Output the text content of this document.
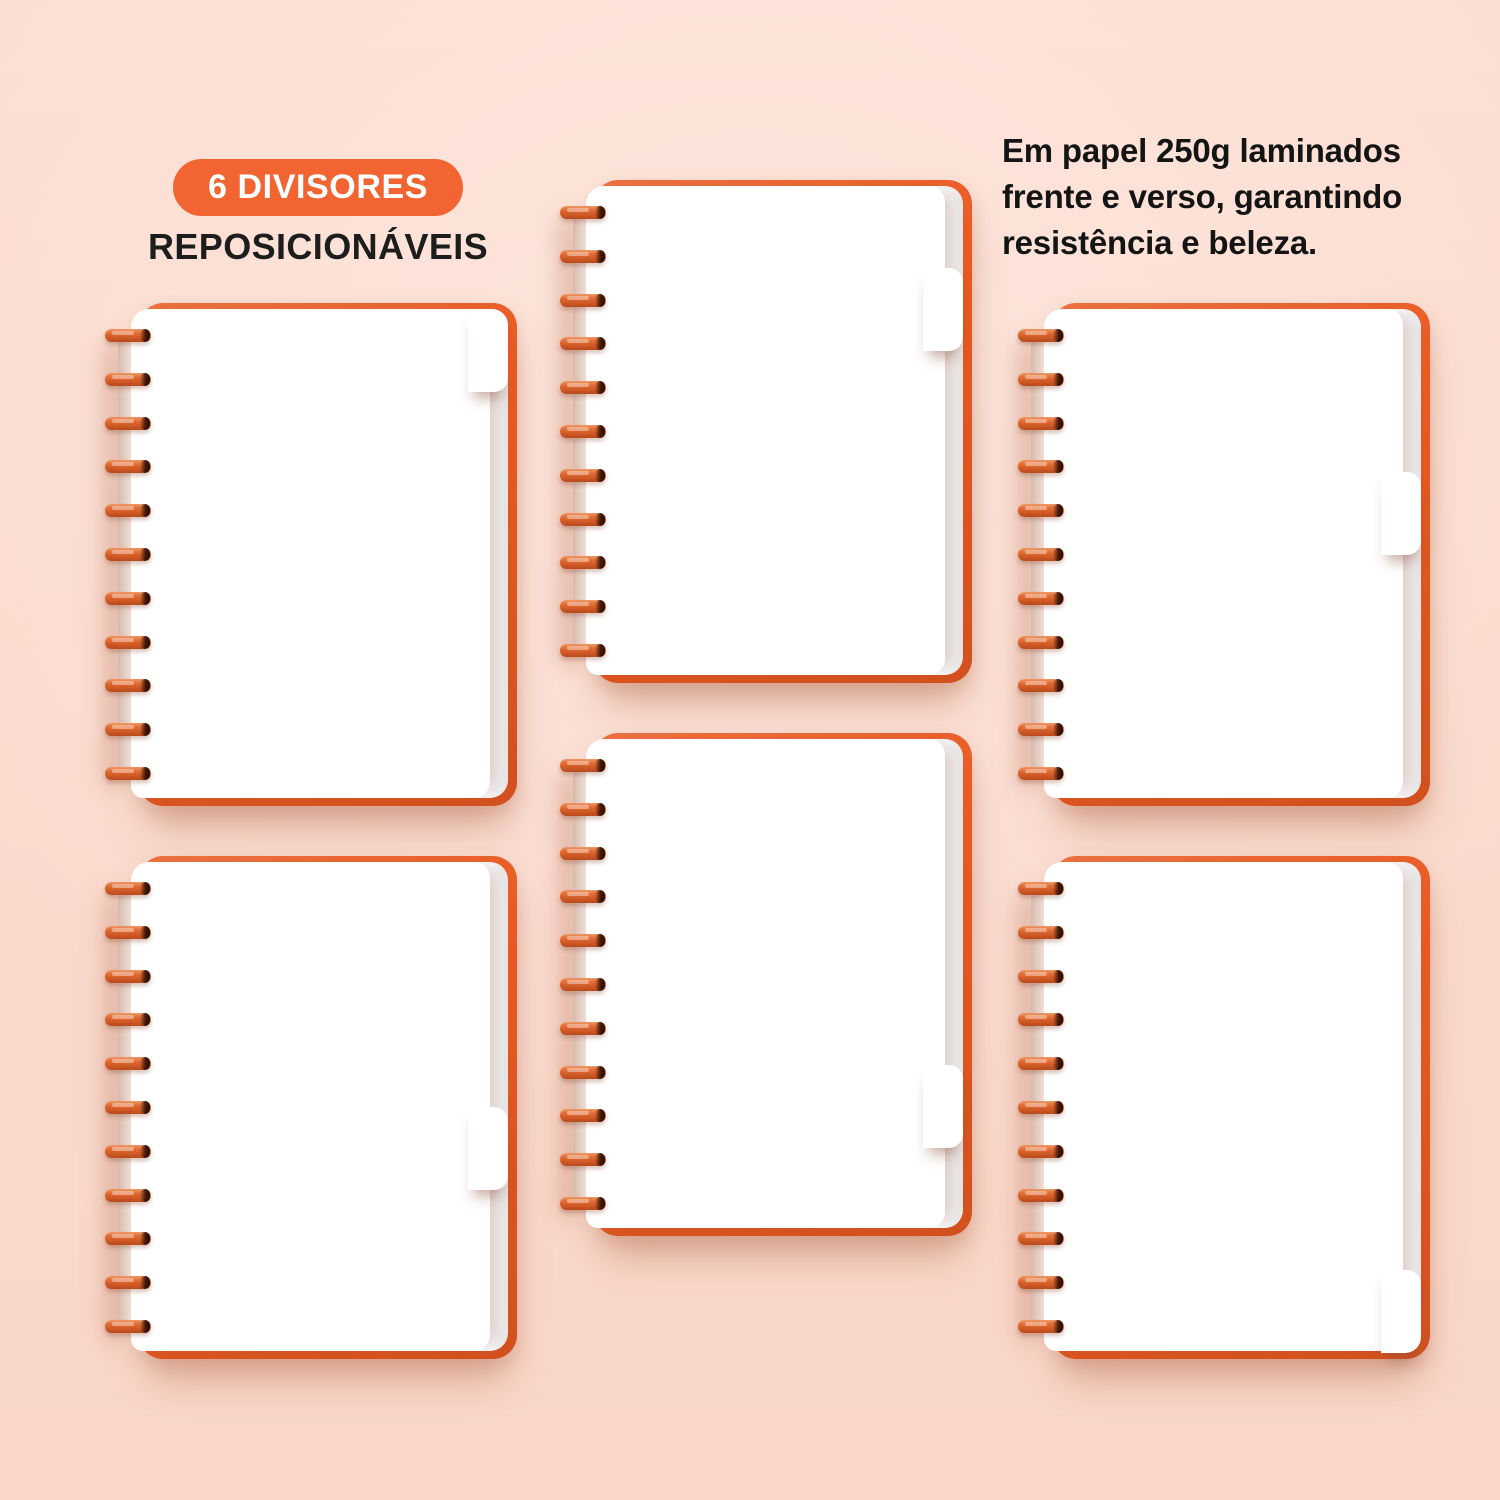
6 DIVISORES
REPOSICIONÁVEIS
Em papel 250g laminados
frente e verso, garantindo
resistência e beleza.
